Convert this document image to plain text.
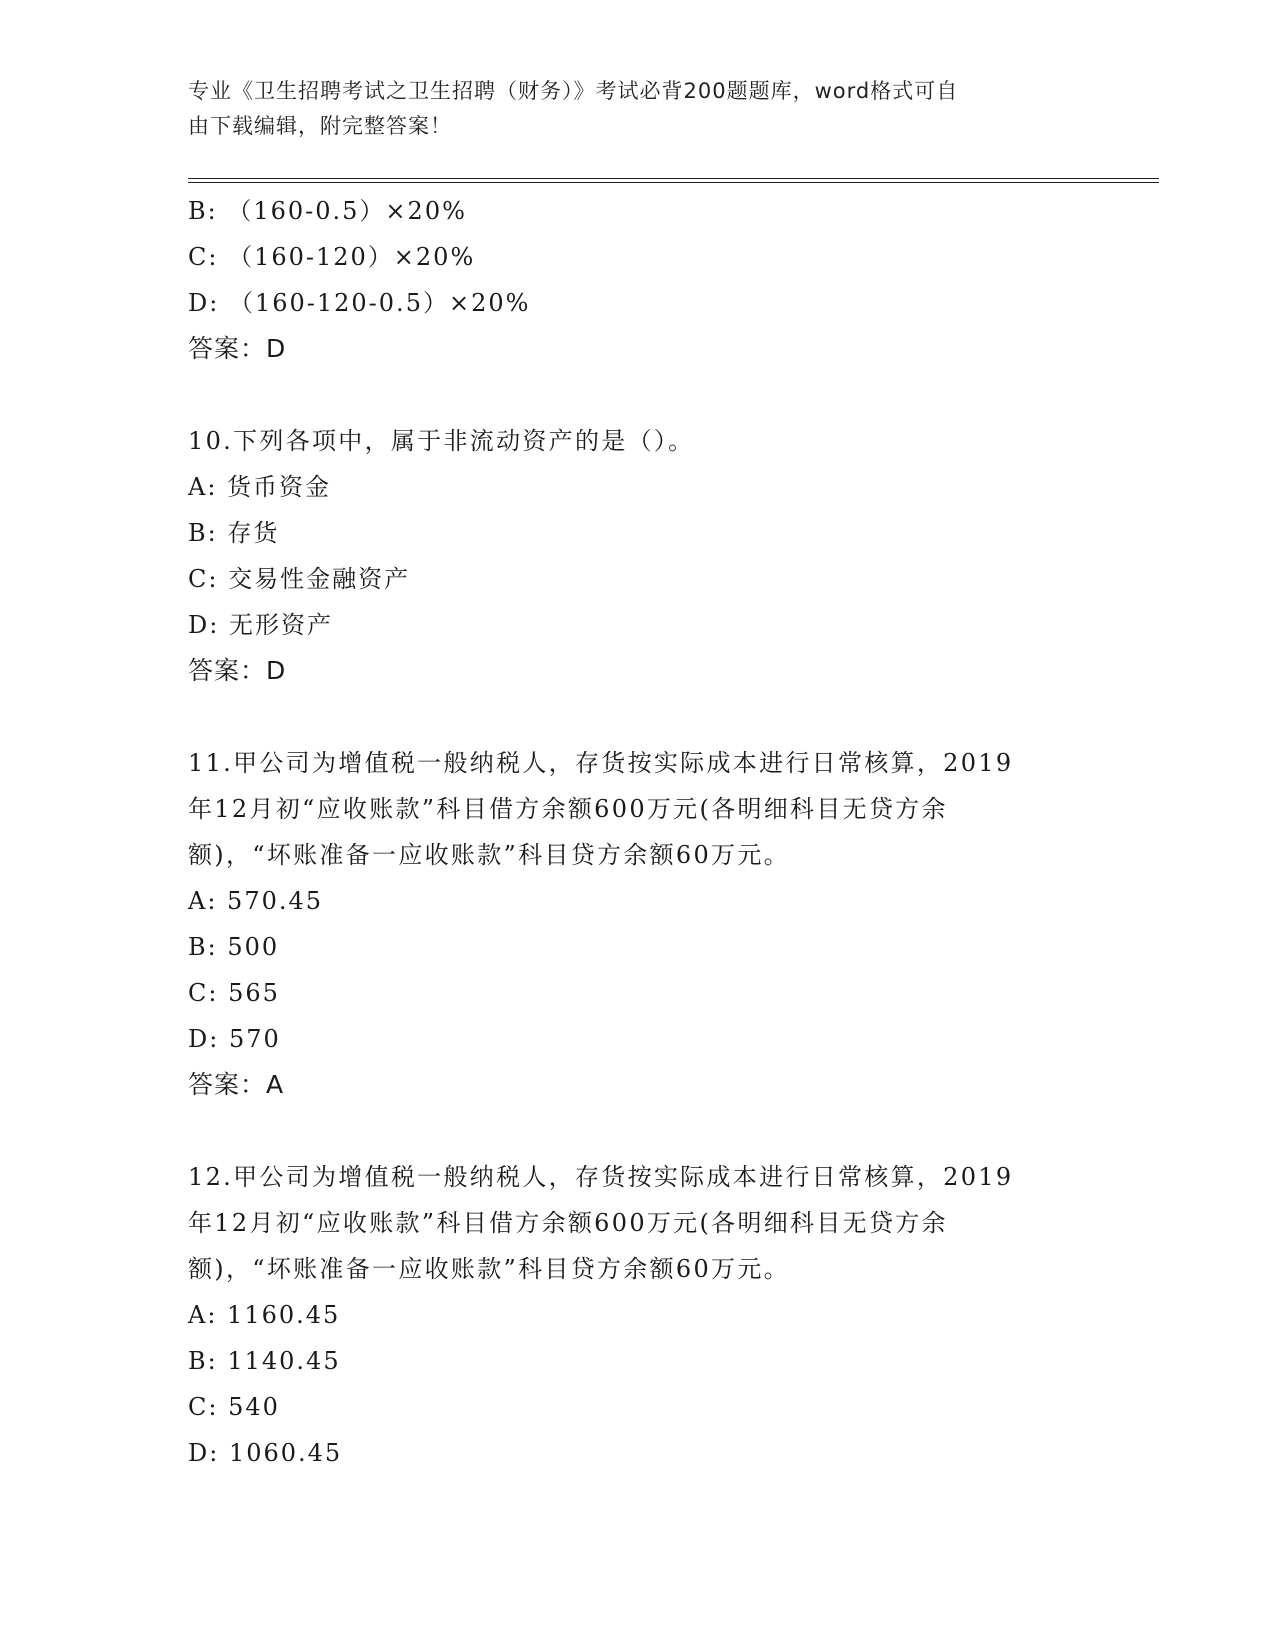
专业《卫生招聘考试之卫生招聘（财务）》考试必背200题题库，word格式可自
由下载编辑，附完整答案！
B: （160-0.5）×20%
C: （160-120）×20%
D: （160-120-0.5）×20%
答案：D
10.下列各项中，属于非流动资产的是（）。
A: 货币资金
B: 存货
C: 交易性金融资产
D: 无形资产
答案：D
11.甲公司为增值税一般纳税人，存货按实际成本进行日常核算，2019
年12月初“应收账款”科目借方余额600万元(各明细科目无贷方余
额)，“坏账准备一应收账款”科目贷方余额60万元。
A: 570.45
B: 500
C: 565
D: 570
答案：A
12.甲公司为增值税一般纳税人，存货按实际成本进行日常核算，2019
年12月初“应收账款”科目借方余额600万元(各明细科目无贷方余
额)，“坏账准备一应收账款”科目贷方余额60万元。
A: 1160.45
B: 1140.45
C: 540
D: 1060.45
